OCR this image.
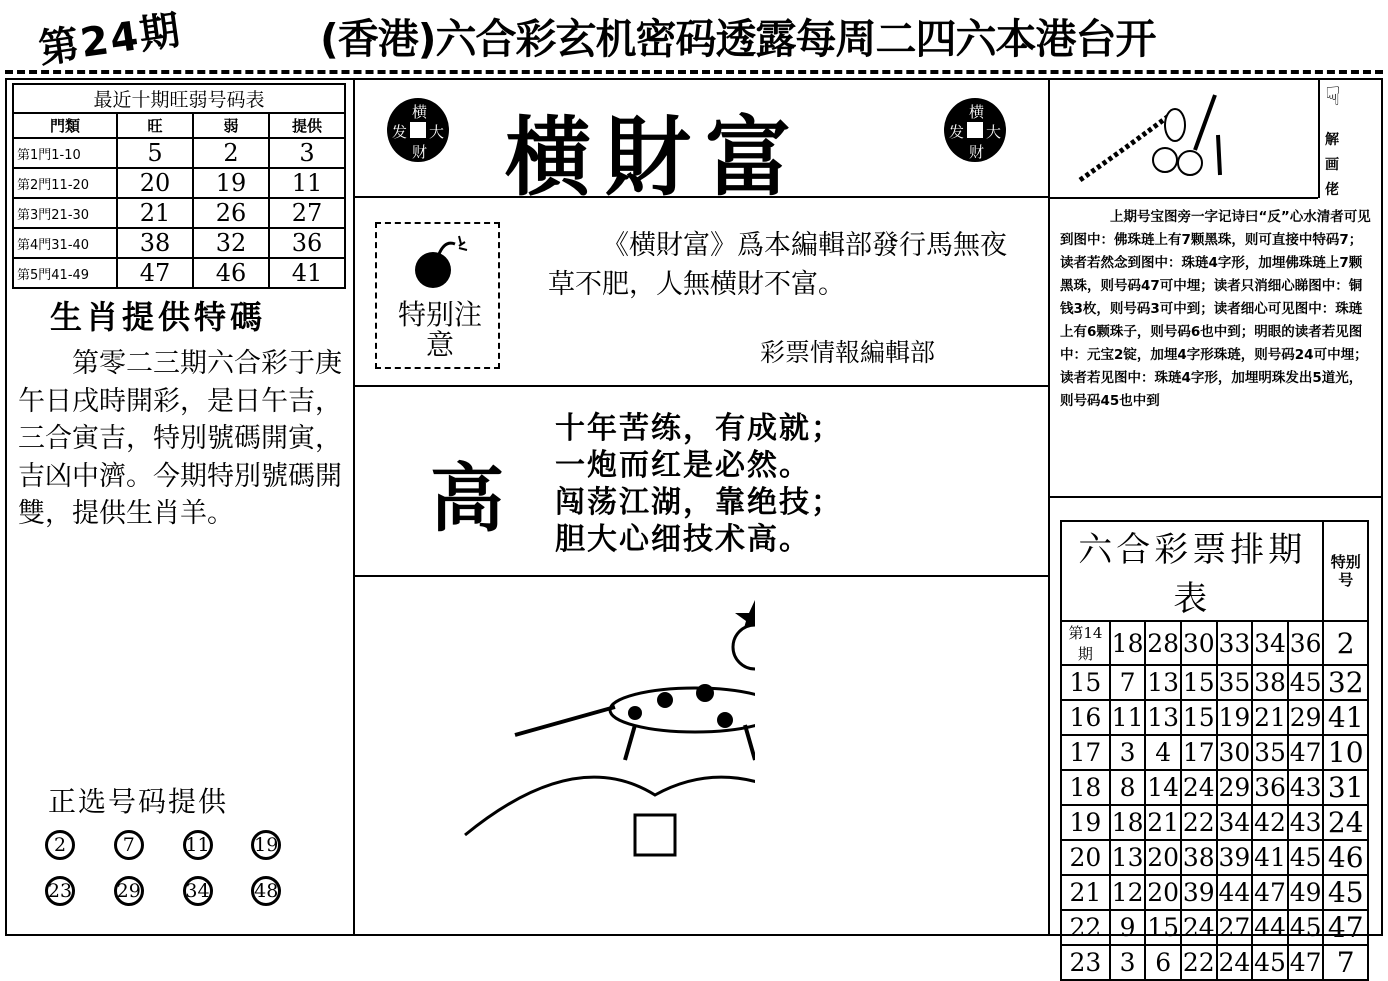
第24期	(香港)六合彩玄机密码透露每周二四六本港台开
最近十期旺弱号码表			
門類	旺	弱	提供
第1門1-10	5	2	3
第2門11-20	20	19	11
第3門21-30	21	26	27
第4門31-40	38	32	36
第5門41-49	47	46	41
生肖提供特碼
第零二三期六合彩于庚午日戌時開彩，是日午吉，三合寅吉，特別號碼開寅，吉凶中濟。今期特別號碼開雙，提供生肖羊。
正选号码提供
2	7	11 19
23 29 34 48
横
大
财
发
横
大
财
发
横財富
特别注意
《横財富》爲本編輯部發行馬無夜草不肥，人無横財不富。
彩票情報編輯部
高
十年苦练，有成就；
一炮而红是必然。
闯荡江湖，靠绝技；
胆大心细技术高。
☟
解画佬
上期号宝图旁一字记诗曰“反”心水清者可见到图中：佛珠琏上有7颗黑珠，则可直接中特码7；读者若然念到图中：珠琏4字形，加埋佛珠琏上7颗黑珠，则号码47可中埋；读者只消细心睇图中：铜钱3枚，则号码3可中到；读者细心可见图中：珠琏上有6颗珠子，则号码6也中到；明眼的读者若见图中：元宝2锭，加埋4字形珠琏，则号码24可中埋；读者若见图中：珠琏4字形，加埋明珠发出5道光，则号码45也中到
六合彩票排期表							特别号
第14期	18	28	30	33	34	36	2
15	7	13	15	35	38	45	32
16	11	13	15	19	21	29	41
17	3	4	17	30	35	47	10
18	8	14	24	29	36	43	31
19	18	21	22	34	42	43	24
20	13	20	38	39	41	45	46
21	12	20	39	44	47	49	45
22	9	15	24	27	44	45	47
23	3	6	22	24	45	47	7
